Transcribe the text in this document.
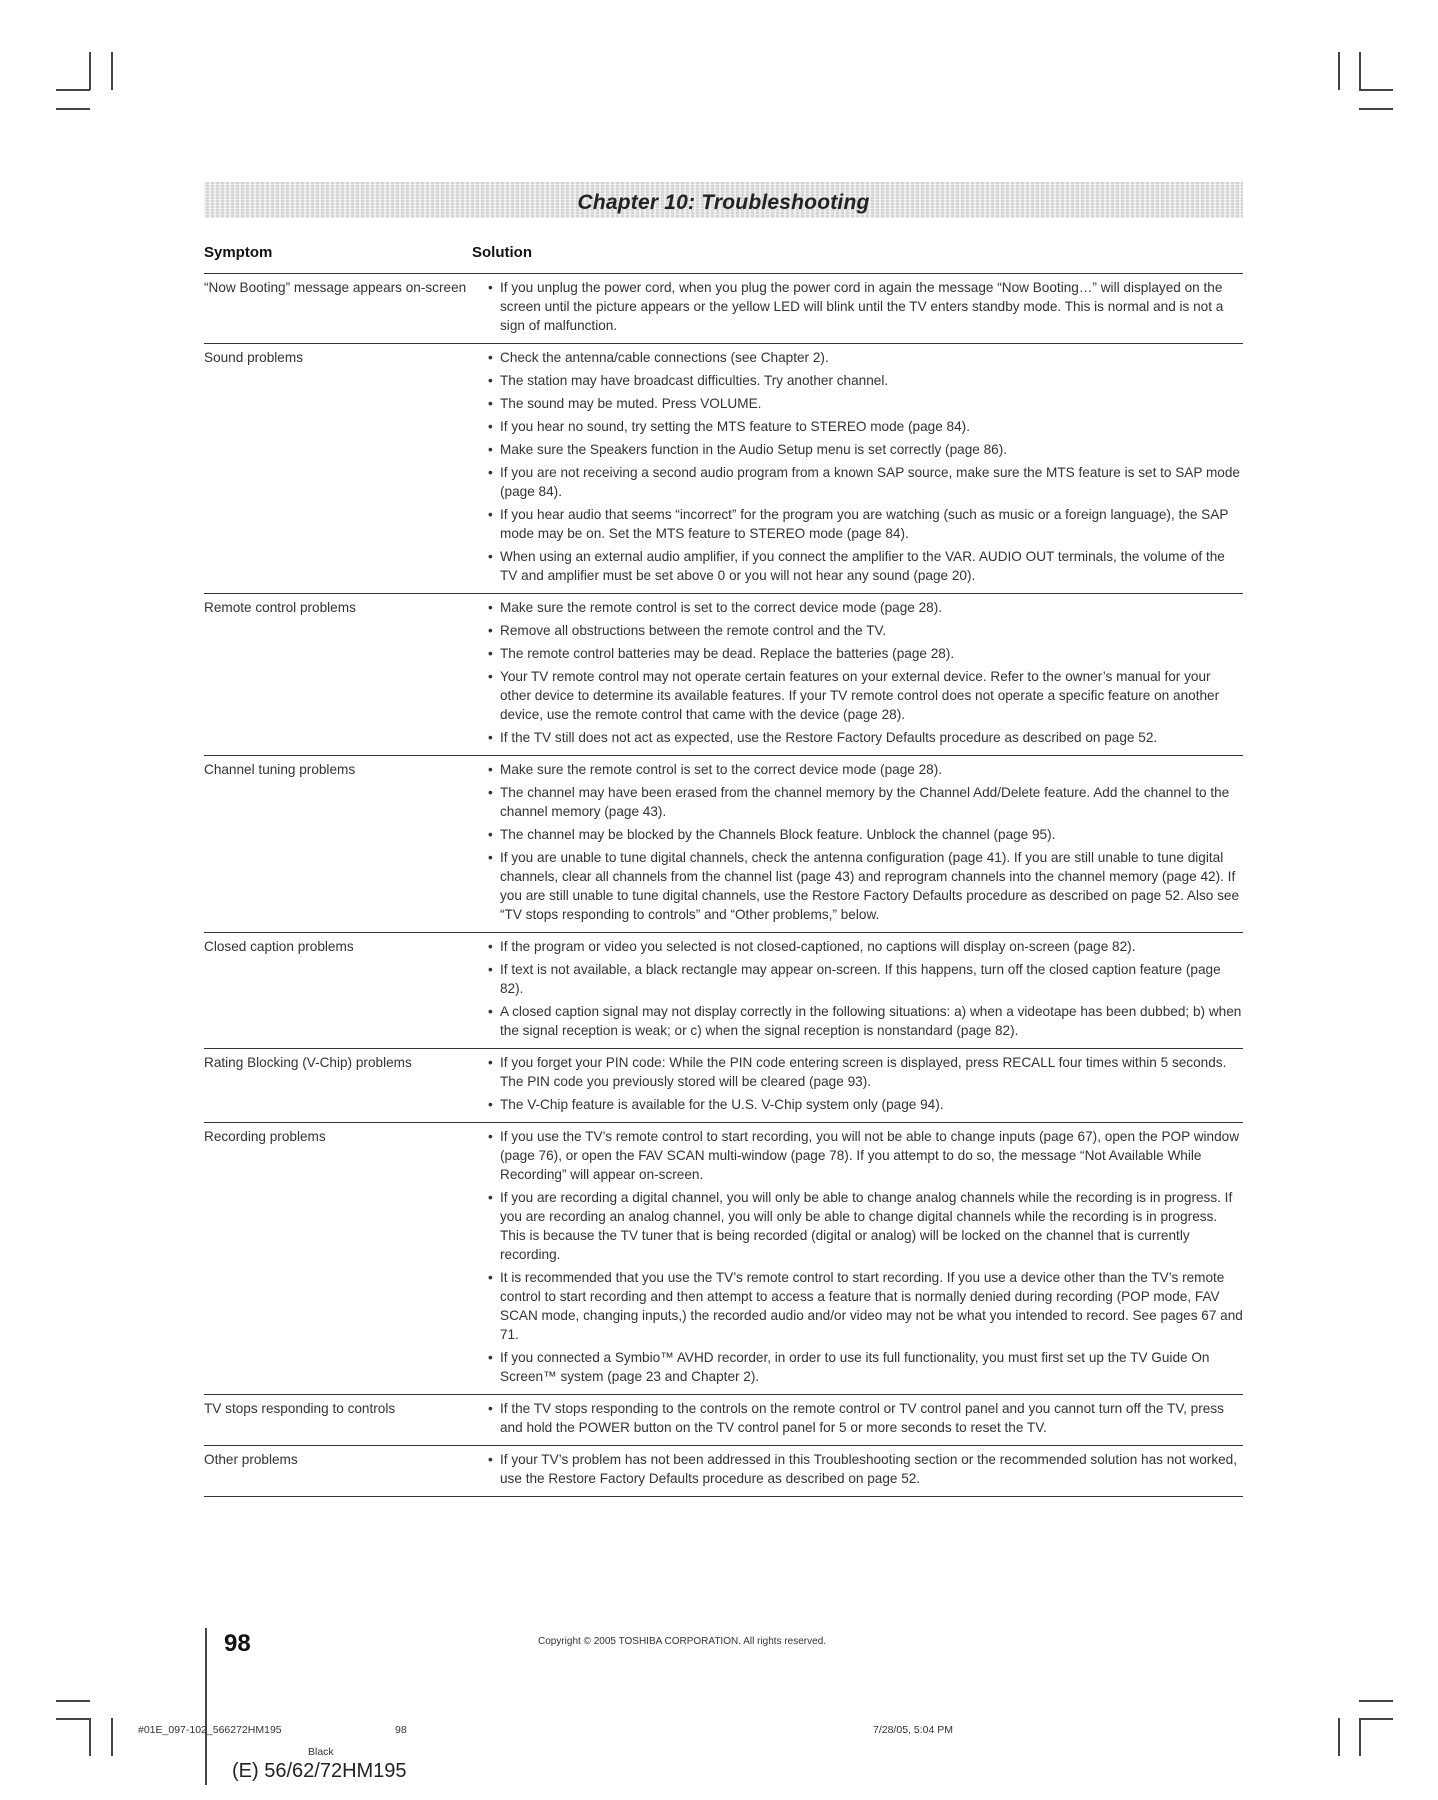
Chapter 10: Troubleshooting
Symptom	Solution
“Now Booting” message appears on-screen	• If you unplug the power cord, when you plug the power cord in again the message “Now Booting…” will displayed on the screen until the picture appears or the yellow LED will blink until the TV enters standby mode. This is normal and is not a sign of malfunction.
Sound problems	• Check the antenna/cable connections (see Chapter 2).
• The station may have broadcast difficulties. Try another channel.
• The sound may be muted. Press VOLUME.
• If you hear no sound, try setting the MTS feature to STEREO mode (page 84).
• Make sure the Speakers function in the Audio Setup menu is set correctly (page 86).
• If you are not receiving a second audio program from a known SAP source, make sure the MTS feature is set to SAP mode (page 84).
• If you hear audio that seems “incorrect” for the program you are watching (such as music or a foreign language), the SAP mode may be on. Set the MTS feature to STEREO mode (page 84).
• When using an external audio amplifier, if you connect the amplifier to the VAR. AUDIO OUT terminals, the volume of the TV and amplifier must be set above 0 or you will not hear any sound (page 20).
Remote control problems	• Make sure the remote control is set to the correct device mode (page 28).
• Remove all obstructions between the remote control and the TV.
• The remote control batteries may be dead. Replace the batteries (page 28).
• Your TV remote control may not operate certain features on your external device. Refer to the owner’s manual for your other device to determine its available features. If your TV remote control does not operate a specific feature on another device, use the remote control that came with the device (page 28).
• If the TV still does not act as expected, use the Restore Factory Defaults procedure as described on page 52.
Channel tuning problems	• Make sure the remote control is set to the correct device mode (page 28).
• The channel may have been erased from the channel memory by the Channel Add/Delete feature. Add the channel to the channel memory (page 43).
• The channel may be blocked by the Channels Block feature. Unblock the channel (page 95).
• If you are unable to tune digital channels, check the antenna configuration (page 41). If you are still unable to tune digital channels, clear all channels from the channel list (page 43) and reprogram channels into the channel memory (page 42). If you are still unable to tune digital channels, use the Restore Factory Defaults procedure as described on page 52. Also see “TV stops responding to controls” and “Other problems,” below.
Closed caption problems	• If the program or video you selected is not closed-captioned, no captions will display on-screen (page 82).
• If text is not available, a black rectangle may appear on-screen. If this happens, turn off the closed caption feature (page 82).
• A closed caption signal may not display correctly in the following situations: a) when a videotape has been dubbed; b) when the signal reception is weak; or c) when the signal reception is nonstandard (page 82).
Rating Blocking (V-Chip) problems	• If you forget your PIN code: While the PIN code entering screen is displayed, press RECALL four times within 5 seconds. The PIN code you previously stored will be cleared (page 93).
• The V-Chip feature is available for the U.S. V-Chip system only (page 94).
Recording problems	• If you use the TV’s remote control to start recording, you will not be able to change inputs (page 67), open the POP window (page 76), or open the FAV SCAN multi-window (page 78). If you attempt to do so, the message “Not Available While Recording” will appear on-screen.
• If you are recording a digital channel, you will only be able to change analog channels while the recording is in progress. If you are recording an analog channel, you will only be able to change digital channels while the recording is in progress. This is because the TV tuner that is being recorded (digital or analog) will be locked on the channel that is currently recording.
• It is recommended that you use the TV’s remote control to start recording. If you use a device other than the TV’s remote control to start recording and then attempt to access a feature that is normally denied during recording (POP mode, FAV SCAN mode, changing inputs,) the recorded audio and/or video may not be what you intended to record. See pages 67 and 71.
• If you connected a Symbio™ AVHD recorder, in order to use its full functionality, you must first set up the TV Guide On Screen™ system (page 23 and Chapter 2).
TV stops responding to controls	• If the TV stops responding to the controls on the remote control or TV control panel and you cannot turn off the TV, press and hold the POWER button on the TV control panel for 5 or more seconds to reset the TV.
Other problems	• If your TV’s problem has not been addressed in this Troubleshooting section or the recommended solution has not worked, use the Restore Factory Defaults procedure as described on page 52.
98	Copyright © 2005 TOSHIBA CORPORATION. All rights reserved.
#01E_097-102_566272HM195	98	7/28/05, 5:04 PM
Black
(E) 56/62/72HM195
